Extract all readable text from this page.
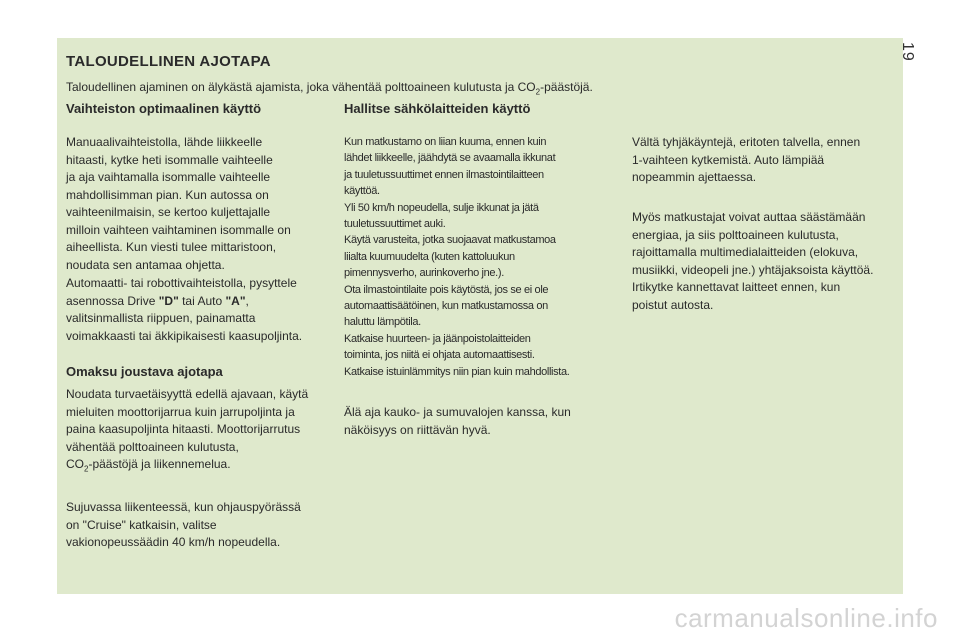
19
TALOUDELLINEN AJOTAPA
Taloudellinen ajaminen on älykästä ajamista, joka vähentää polttoaineen kulutusta ja $CO_2$-päästöjä.
Vaihteiston optimaalinen käyttö

Manuaalivaihteistolla, lähde liikkeelle

hitaasti, kytke heti isommalle vaihteelle

ja aja vaihtamalla isommalle vaihteelle

mahdollisimman pian. Kun autossa on

vaihteenilmaisin, se kertoo kuljettajalle

milloin vaihteen vaihtaminen isommalle on

aiheellista. Kun viesti tulee mittaristoon,

noudata sen antamaa ohjetta.

Automaatti- tai robottivaihteistolla, pysyttele

asennossa Drive "D" tai Auto "A",

valitsinmallista riippuen, painamatta

voimakkaasti tai äkkipikaisesti kaasupoljinta.

Omaksu joustava ajotapa

Noudata turvaetäisyyttä edellä ajavaan, käytä

mieluiten moottorijarrua kuin jarrupoljinta ja

paina kaasupoljinta hitaasti. Moottorijarrutus

vähentää polttoaineen kulutusta,

$CO_2$-päästöjä ja liikennemelua.

Sujuvassa liikenteessä, kun ohjauspyörässä

on "Cruise" katkaisin, valitse

vakionopeussäädin 40 km/h nopeudella.

Hallitse sähkölaitteiden käyttö

Kun matkustamo on liian kuuma, ennen kuin

lähdet liikkeelle, jäähdytä se avaamalla ikkunat

ja tuuletussuuttimet ennen ilmastointilaitteen

käyttöä.

Yli 50 km/h nopeudella, sulje ikkunat ja jätä

tuuletussuuttimet auki.

Käytä varusteita, jotka suojaavat matkustamoa

liialta kuumuudelta (kuten kattoluukun

pimennysverho, aurinkoverho jne.).

Ota ilmastointilaite pois käytöstä, jos se ei ole

automaattisäätöinen, kun matkustamossa on

haluttu lämpötila.

Katkaise huurteen- ja jäänpoistolaitteiden

toiminta, jos niitä ei ohjata automaattisesti.

Katkaise istuinlämmitys niin pian kuin mahdollista.

Älä aja kauko- ja sumuvalojen kanssa, kun

näköisyys on riittävän hyvä.

Vältä tyhjäkäyntejä, eritoten talvella, ennen

1-vaihteen kytkemistä. Auto lämpiää

nopeammin ajettaessa.

Myös matkustajat voivat auttaa säästämään

energiaa, ja siis polttoaineen kulutusta,

rajoittamalla multimedialaitteiden (elokuva,

musiikki, videopeli jne.) yhtäjaksoista käyttöä.

Irtikytke kannettavat laitteet ennen, kun

poistut autosta.

carmanualsonline.info
